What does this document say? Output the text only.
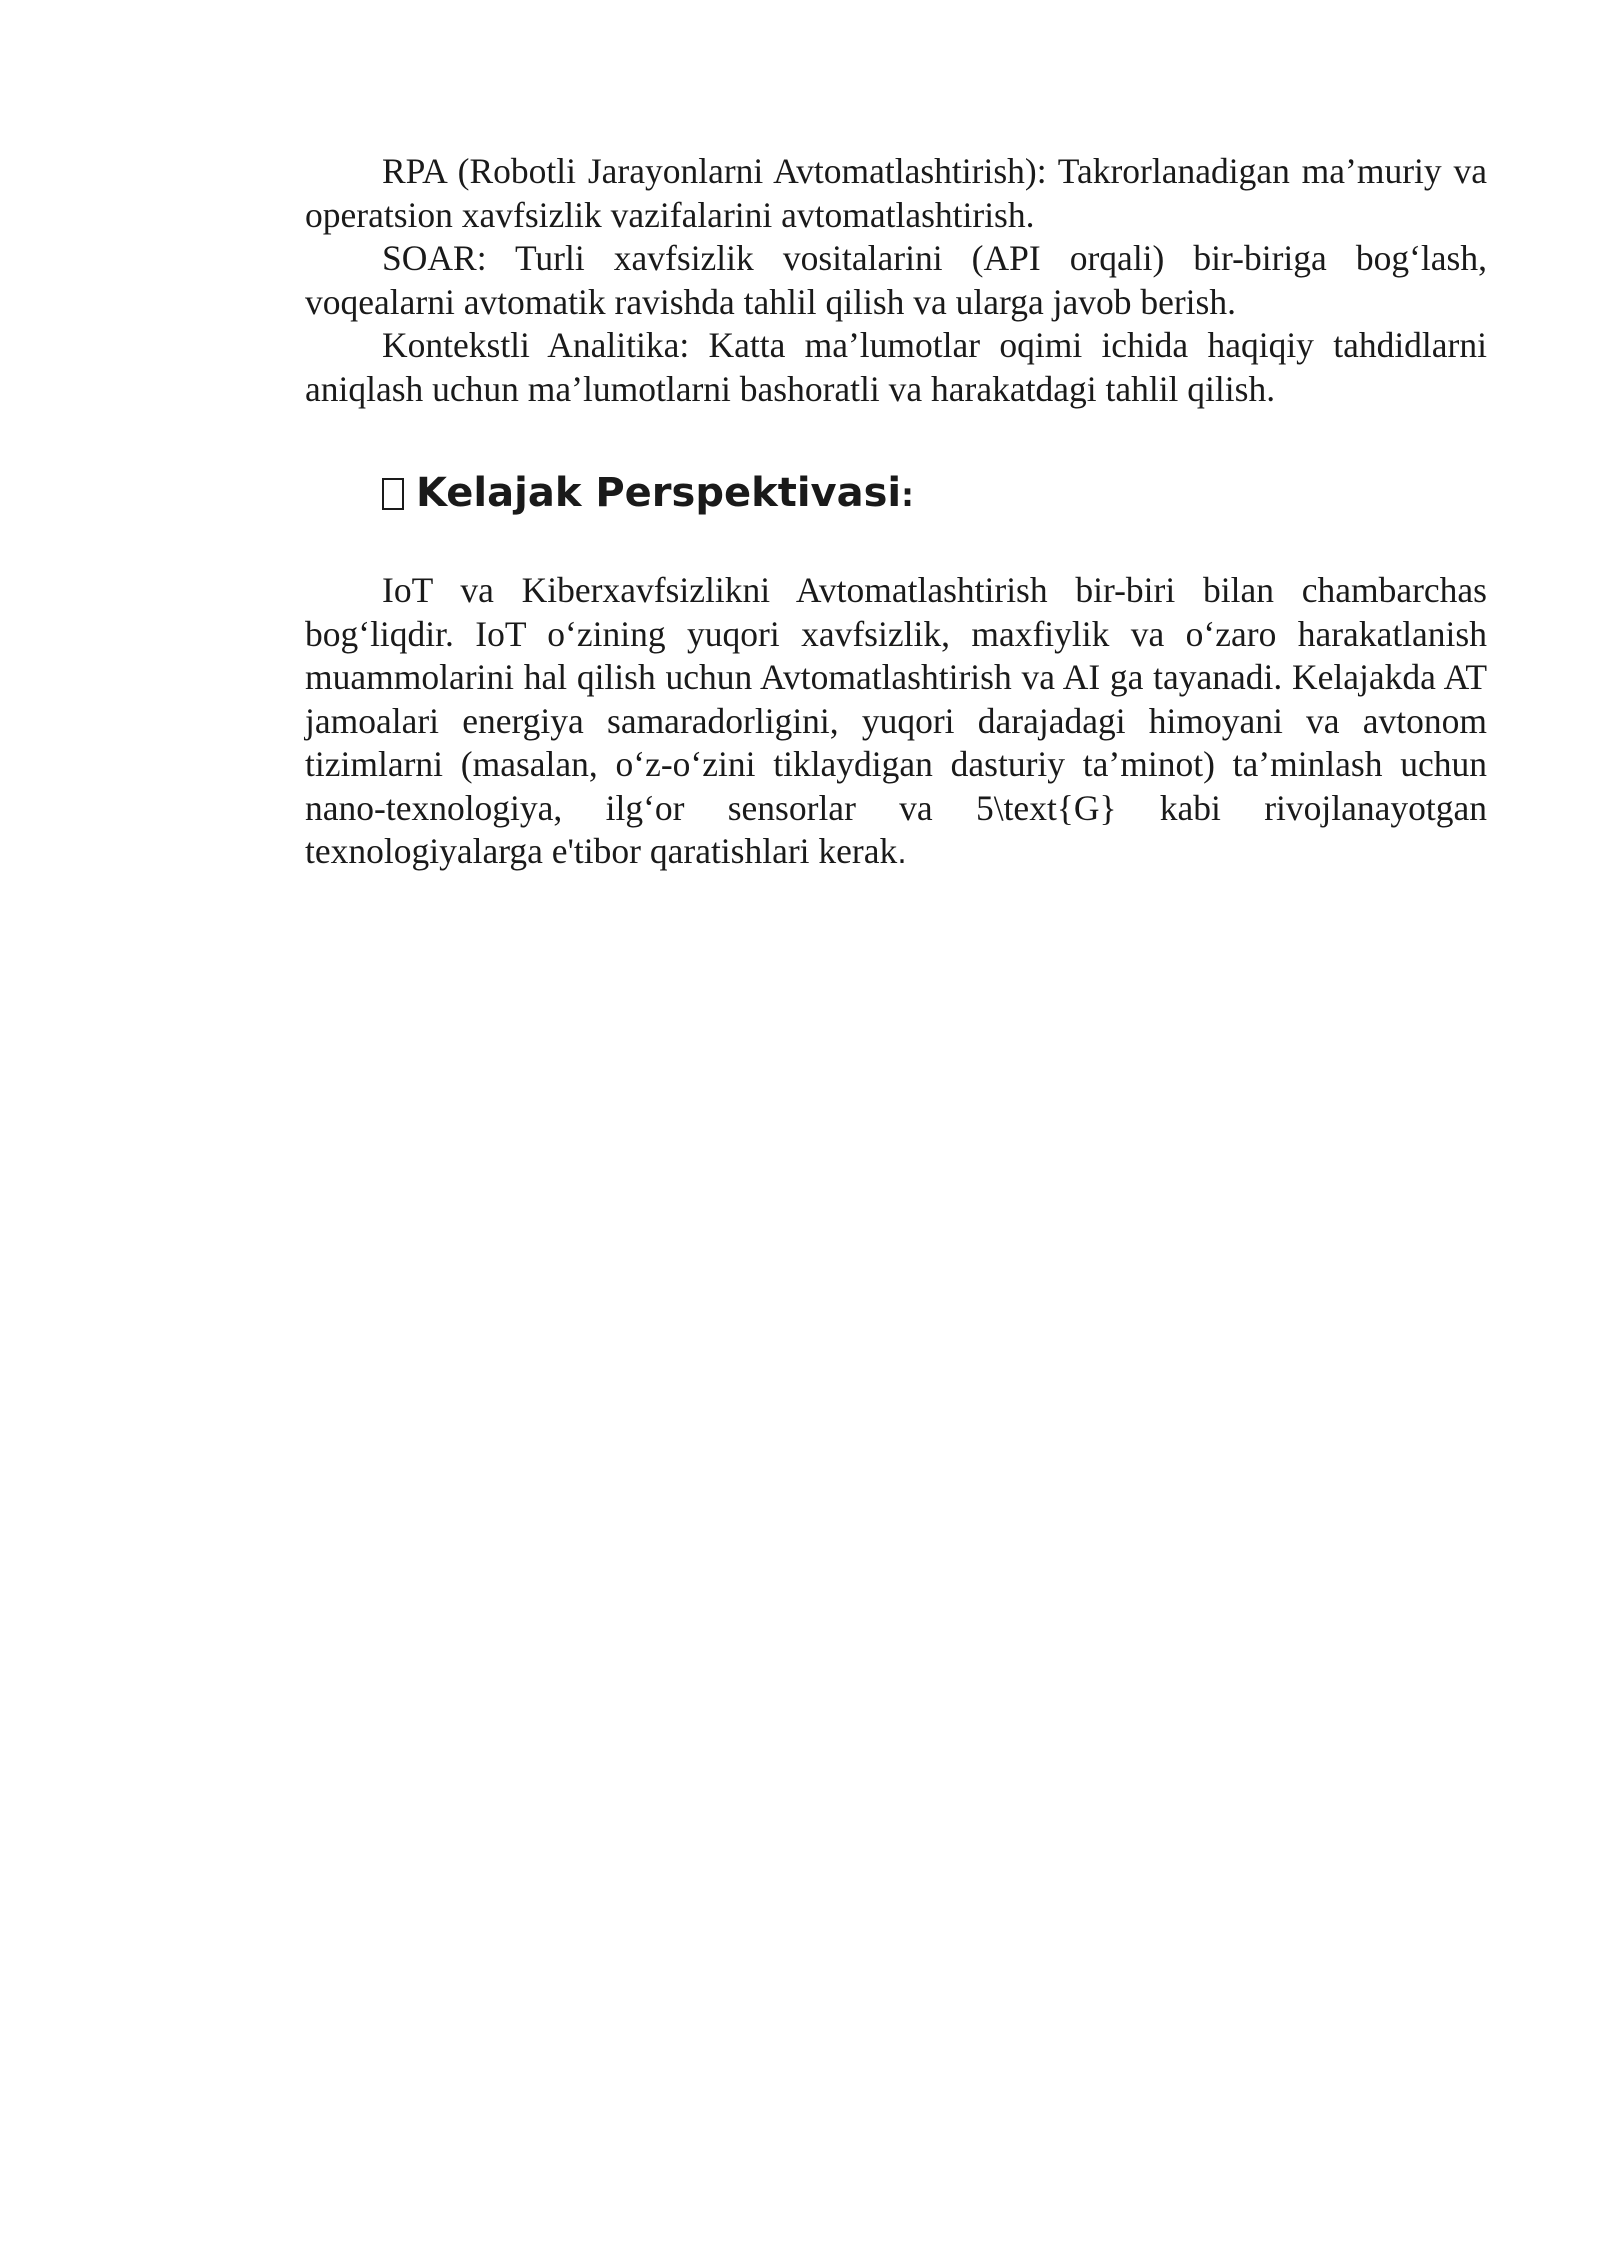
RPA (Robotli Jarayonlarni Avtomatlashtirish): Takrorlanadigan ma’muriy va operatsion xavfsizlik vazifalarini avtomatlashtirish.

SOAR: Turli xavfsizlik vositalarini (API orqali) bir-biriga bog‘lash, voqealarni avtomatik ravishda tahlil qilish va ularga javob berish.

Kontekstli Analitika: Katta ma’lumotlar oqimi ichida haqiqiy tahdidlarni aniqlash uchun ma’lumotlarni bashoratli va harakatdagi tahlil qilish.

Kelajak Perspektivasi:

IoT va Kiberxavfsizlikni Avtomatlashtirish bir-biri bilan chambarchas bog‘liqdir. IoT o‘zining yuqori xavfsizlik, maxfiylik va o‘zaro harakatlanish muammolarini hal qilish uchun Avtomatlashtirish va AI ga tayanadi. Kelajakda AT jamoalari energiya samaradorligini, yuqori darajadagi himoyani va avtonom tizimlarni (masalan, o‘z-o‘zini tiklaydigan dasturiy ta’minot) ta’minlash uchun nano-texnologiya, ilg‘or sensorlar va 5\text{G} kabi rivojlanayotgan texnologiyalarga e'tibor qaratishlari kerak.
